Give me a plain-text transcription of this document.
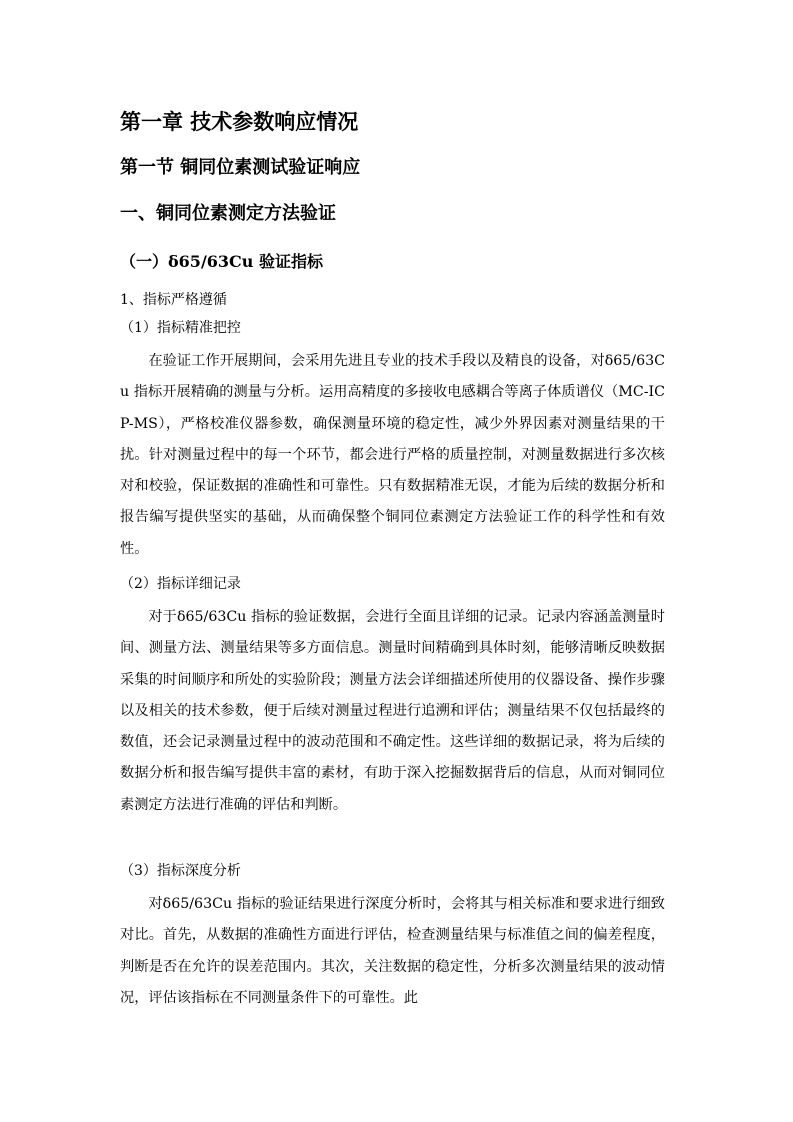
第一章 技术参数响应情况
第一节 铜同位素测试验证响应
一、铜同位素测定方法验证
（一）δ65/63Cu 验证指标

1、指标严格遵循

（1）指标精准把控

在验证工作开展期间，会采用先进且专业的技术手段以及精良的设备，对δ65/63Cu 指标开展精确的测量与分析。运用高精度的多接收电感耦合等离子体质谱仪（MC-ICP-MS），严格校准仪器参数，确保测量环境的稳定性，减少外界因素对测量结果的干扰。针对测量过程中的每一个环节，都会进行严格的质量控制，对测量数据进行多次核对和校验，保证数据的准确性和可靠性。只有数据精准无误，才能为后续的数据分析和报告编写提供坚实的基础，从而确保整个铜同位素测定方法验证工作的科学性和有效性。

（2）指标详细记录

对于δ65/63Cu 指标的验证数据，会进行全面且详细的记录。记录内容涵盖测量时间、测量方法、测量结果等多方面信息。测量时间精确到具体时刻，能够清晰反映数据采集的时间顺序和所处的实验阶段；测量方法会详细描述所使用的仪器设备、操作步骤以及相关的技术参数，便于后续对测量过程进行追溯和评估；测量结果不仅包括最终的数值，还会记录测量过程中的波动范围和不确定性。这些详细的数据记录，将为后续的数据分析和报告编写提供丰富的素材，有助于深入挖掘数据背后的信息，从而对铜同位素测定方法进行准确的评估和判断。

（3）指标深度分析

对δ65/63Cu 指标的验证结果进行深度分析时，会将其与相关标准和要求进行细致对比。首先，从数据的准确性方面进行评估，检查测量结果与标准值之间的偏差程度，判断是否在允许的误差范围内。其次，关注数据的稳定性，分析多次测量结果的波动情况，评估该指标在不同测量条件下的可靠性。此
